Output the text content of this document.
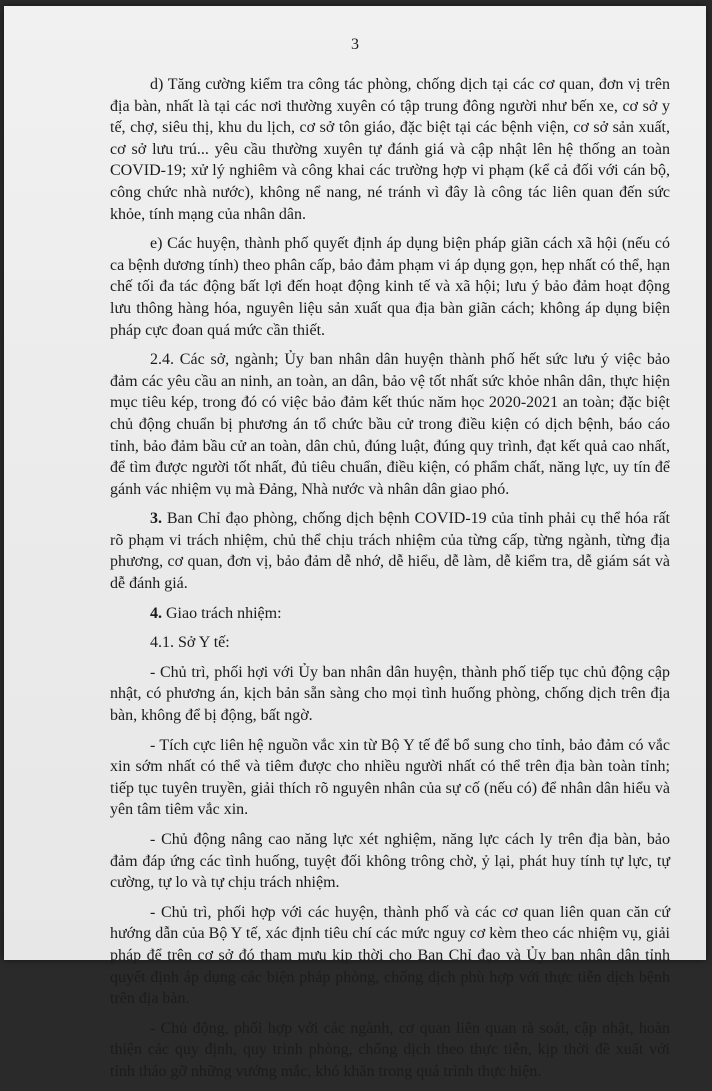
3

d) Tăng cường kiểm tra công tác phòng, chống dịch tại các cơ quan, đơn vị trên địa bàn, nhất là tại các nơi thường xuyên có tập trung đông người như bến xe, cơ sở y tế, chợ, siêu thị, khu du lịch, cơ sở tôn giáo, đặc biệt tại các bệnh viện, cơ sở sản xuất, cơ sở lưu trú... yêu cầu thường xuyên tự đánh giá và cập nhật lên hệ thống an toàn COVID-19; xử lý nghiêm và công khai các trường hợp vi phạm (kể cả đối với cán bộ, công chức nhà nước), không nể nang, né tránh vì đây là công tác liên quan đến sức khỏe, tính mạng của nhân dân.

e) Các huyện, thành phố quyết định áp dụng biện pháp giãn cách xã hội (nếu có ca bệnh dương tính) theo phân cấp, bảo đảm phạm vi áp dụng gọn, hẹp nhất có thể, hạn chế tối đa tác động bất lợi đến hoạt động kinh tế và xã hội; lưu ý bảo đảm hoạt động lưu thông hàng hóa, nguyên liệu sản xuất qua địa bàn giãn cách; không áp dụng biện pháp cực đoan quá mức cần thiết.

2.4. Các sở, ngành; Ủy ban nhân dân huyện thành phố hết sức lưu ý việc bảo đảm các yêu cầu an ninh, an toàn, an dân, bảo vệ tốt nhất sức khỏe nhân dân, thực hiện mục tiêu kép, trong đó có việc bảo đảm kết thúc năm học 2020-2021 an toàn; đặc biệt chủ động chuẩn bị phương án tổ chức bầu cử trong điều kiện có dịch bệnh, báo cáo tỉnh, bảo đảm bầu cử an toàn, dân chủ, đúng luật, đúng quy trình, đạt kết quả cao nhất, để tìm được người tốt nhất, đủ tiêu chuẩn, điều kiện, có phẩm chất, năng lực, uy tín để gánh vác nhiệm vụ mà Đảng, Nhà nước và nhân dân giao phó.

3. Ban Chỉ đạo phòng, chống dịch bệnh COVID-19 của tỉnh phải cụ thể hóa rất rõ phạm vi trách nhiệm, chủ thể chịu trách nhiệm của từng cấp, từng ngành, từng địa phương, cơ quan, đơn vị, bảo đảm dễ nhớ, dễ hiểu, dễ làm, dễ kiểm tra, dễ giám sát và dễ đánh giá.

4. Giao trách nhiệm:

4.1. Sở Y tế:

- Chủ trì, phối hợi với Ủy ban nhân dân huyện, thành phố tiếp tục chủ động cập nhật, có phương án, kịch bản sẵn sàng cho mọi tình huống phòng, chống dịch trên địa bàn, không để bị động, bất ngờ.

- Tích cực liên hệ nguồn vắc xin từ Bộ Y tế để bổ sung cho tỉnh, bảo đảm có vắc xin sớm nhất có thể và tiêm được cho nhiều người nhất có thể trên địa bàn toàn tỉnh; tiếp tục tuyên truyền, giải thích rõ nguyên nhân của sự cố (nếu có) để nhân dân hiểu và yên tâm tiêm vắc xin.

- Chủ động nâng cao năng lực xét nghiệm, năng lực cách ly trên địa bàn, bảo đảm đáp ứng các tình huống, tuyệt đối không trông chờ, ỷ lại, phát huy tính tự lực, tự cường, tự lo và tự chịu trách nhiệm.

- Chủ trì, phối hợp với các huyện, thành phố và các cơ quan liên quan căn cứ hướng dẫn của Bộ Y tế, xác định tiêu chí các mức nguy cơ kèm theo các nhiệm vụ, giải pháp để trên cơ sở đó tham mưu kịp thời cho Ban Chỉ đạo và Ủy ban nhân dân tỉnh quyết định áp dụng các biện pháp phòng, chống dịch phù hợp với thực tiễn dịch bệnh trên địa bàn.

- Chủ động, phối hợp với các ngành, cơ quan liên quan rà soát, cập nhật, hoàn thiện các quy định, quy trình phòng, chống dịch theo thực tiễn, kịp thời đề xuất với tỉnh tháo gỡ những vướng mắc, khó khăn trong quá trình thực hiện.
